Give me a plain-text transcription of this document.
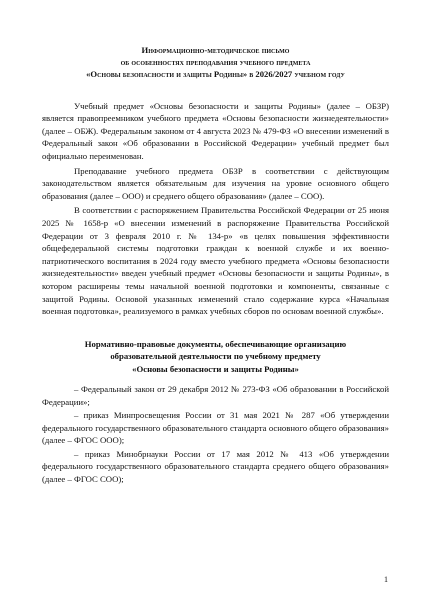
Информационно-методическое письмо
об особенностях преподавания учебного предмета
«Основы безопасности и защиты Родины» в 2026/2027 учебном году

Учебный предмет «Основы безопасности и защиты Родины» (далее – ОБЗР) является правопреемником учебного предмета «Основы безопасности жизнедеятельности» (далее – ОБЖ). Федеральным законом от 4 августа 2023 № 479-ФЗ «О внесении изменений в Федеральный закон «Об образовании в Российской Федерации» учебный предмет был официально переименован.

Преподавание учебного предмета ОБЗР в соответствии с действующим законодательством является обязательным для изучения на уровне основного общего образования (далее – ООО) и среднего общего образования» (далее – СОО).

В соответствии с распоряжением Правительства Российской Федерации от 25 июня 2025 № 1658-р «О внесении изменений в распоряжение Правительства Российской Федерации от 3 февраля 2010 г. № 134-р» «в целях повышения эффективности общефедеральной системы подготовки граждан к военной службе и их военно-патриотического воспитания в 2024 году вместо учебного предмета «Основы безопасности жизнедеятельности» введен учебный предмет «Основы безопасности и защиты Родины», в котором расширены темы начальной военной подготовки и компоненты, связанные с защитой Родины. Основой указанных изменений стало содержание курса «Начальная военная подготовка», реализуемого в рамках учебных сборов по основам военной службы».

Нормативно-правовые документы, обеспечивающие организацию
образовательной деятельности по учебному предмету
«Основы безопасности и защиты Родины»
– Федеральный закон от 29 декабря 2012 № 273-ФЗ «Об образовании в Российской Федерации»;
– приказ Минпросвещения России от 31 мая 2021 № 287 «Об утверждении федерального государственного образовательного стандарта основного общего образования» (далее – ФГОС ООО);
– приказ Минобрнауки России от 17 мая 2012 № 413 «Об утверждении федерального государственного образовательного стандарта среднего общего образования» (далее – ФГОС СОО);
1
